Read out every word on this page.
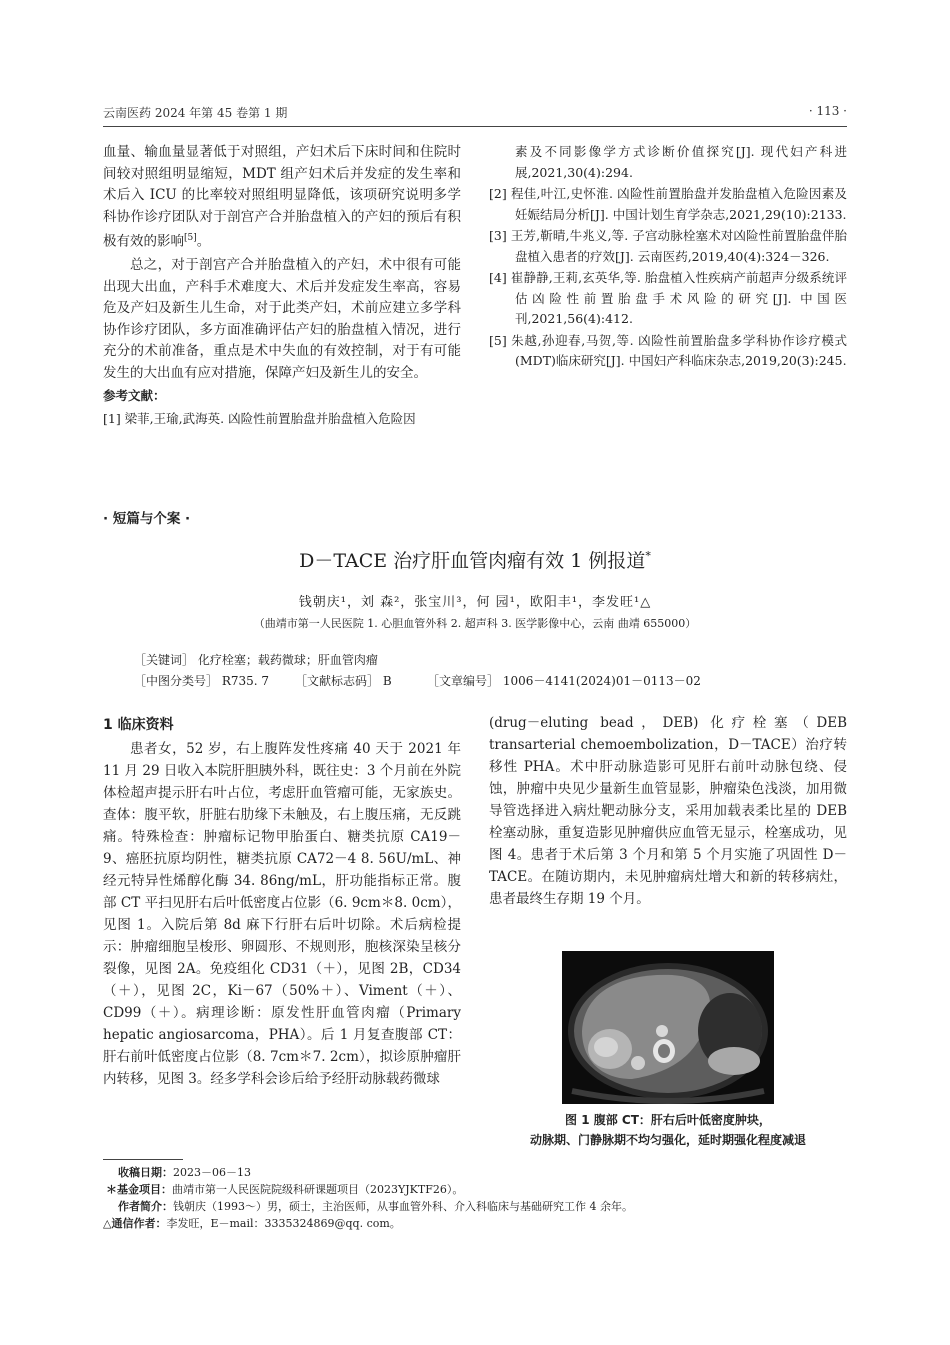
云南医药 2024 年第 45 卷第 1 期	· 113 ·

血量、输血量显著低于对照组，产妇术后下床时间和住院时间较对照组明显缩短，MDT 组产妇术后并发症的发生率和术后入 ICU 的比率较对照组明显降低，该项研究说明多学科协作诊疗团队对于剖宫产合并胎盘植入的产妇的预后有积极有效的影响[5]。

总之，对于剖宫产合并胎盘植入的产妇，术中很有可能出现大出血，产科手术难度大、术后并发症发生率高，容易危及产妇及新生儿生命，对于此类产妇，术前应建立多学科协作诊疗团队，多方面准确评估产妇的胎盘植入情况，进行充分的术前准备，重点是术中失血的有效控制，对于有可能发生的大出血有应对措施，保障产妇及新生儿的安全。

参考文献：
[1] 梁菲,王瑜,武海英. 凶险性前置胎盘并胎盘植入危险因
素及不同影像学方式诊断价值探究[J]. 现代妇产科进展,2021,30(4):294.
[2] 程佳,叶江,史怀淮. 凶险性前置胎盘并发胎盘植入危险因素及妊娠结局分析[J]. 中国计划生育学杂志,2021,29(10):2133.
[3] 王芳,靳晴,牛兆义,等. 子宫动脉栓塞术对凶险性前置胎盘伴胎盘植入患者的疗效[J]. 云南医药,2019,40(4):324－326.
[4] 崔静静,王莉,玄英华,等. 胎盘植入性疾病产前超声分级系统评估凶险性前置胎盘手术风险的研究[J]. 中国医刊,2021,56(4):412.
[5] 朱越,孙迎春,马贺,等. 凶险性前置胎盘多学科协作诊疗模式(MDT)临床研究[J]. 中国妇产科临床杂志,2019,20(3):245.
· 短篇与个案 ·
D－TACE 治疗肝血管肉瘤有效 1 例报道*
钱朝庆¹，刘 森²，张宝川³，何 园¹，欧阳丰¹，李发旺¹△
（曲靖市第一人民医院 1. 心胆血管外科 2. 超声科 3. 医学影像中心，云南 曲靖 655000）
［关键词］ 化疗栓塞；载药微球；肝血管肉瘤
［中图分类号］ R735. 7 ［文献标志码］ B	［文章编号］ 1006－4141(2024)01－0113－02
1 临床资料

患者女，52 岁，右上腹阵发性疼痛 40 天于 2021 年 11 月 29 日收入本院肝胆胰外科，既往史：3 个月前在外院体检超声提示肝右叶占位，考虑肝血管瘤可能，无家族史。查体：腹平软，肝脏右肋缘下未触及，右上腹压痛，无反跳痛。特殊检查：肿瘤标记物甲胎蛋白、糖类抗原 CA19－9、癌胚抗原均阴性，糖类抗原 CA72－4 8. 56U/mL、神经元特异性烯醇化酶 34. 86ng/mL，肝功能指标正常。腹部 CT 平扫见肝右后叶低密度占位影（6. 9cm＊8. 0cm），见图 1。入院后第 8d 麻下行肝右后叶切除。术后病检提示：肿瘤细胞呈梭形、卵圆形、不规则形，胞核深染呈核分裂像，见图 2A。免疫组化 CD31（＋），见图 2B，CD34（＋），见图 2C，Ki－67（50%＋）、Viment（＋）、CD99（＋）。病理诊断：原发性肝血管肉瘤（Primary hepatic angiosarcoma，PHA）。后 1 月复查腹部 CT：肝右前叶低密度占位影（8. 7cm＊7. 2cm），拟诊原肿瘤肝内转移，见图 3。经多学科会诊后给予经肝动脉载药微球

(drug－eluting bead，DEB) 化疗栓塞（DEB transarterial chemoembolization，D－TACE）治疗转移性 PHA。术中肝动脉造影可见肝右前叶动脉包绕、侵蚀，肿瘤中央见少量新生血管显影，肿瘤染色浅淡，加用微导管选择进入病灶靶动脉分支，采用加载表柔比星的 DEB 栓塞动脉，重复造影见肿瘤供应血管无显示，栓塞成功，见图 4。患者于术后第 3 个月和第 5 个月实施了巩固性 D－TACE。在随访期内，未见肿瘤病灶增大和新的转移病灶，患者最终生存期 19 个月。

图 1 腹部 CT：肝右后叶低密度肿块，
动脉期、门静脉期不均匀强化，延时期强化程度减退
收稿日期：2023－06－13
＊基金项目：曲靖市第一人民医院院级科研课题项目（2023YJKTF26）。
作者简介：钱朝庆（1993～）男，硕士，主治医师，从事血管外科、介入科临床与基础研究工作 4 余年。
△通信作者：李发旺，E－mail：3335324869@qq. com。
